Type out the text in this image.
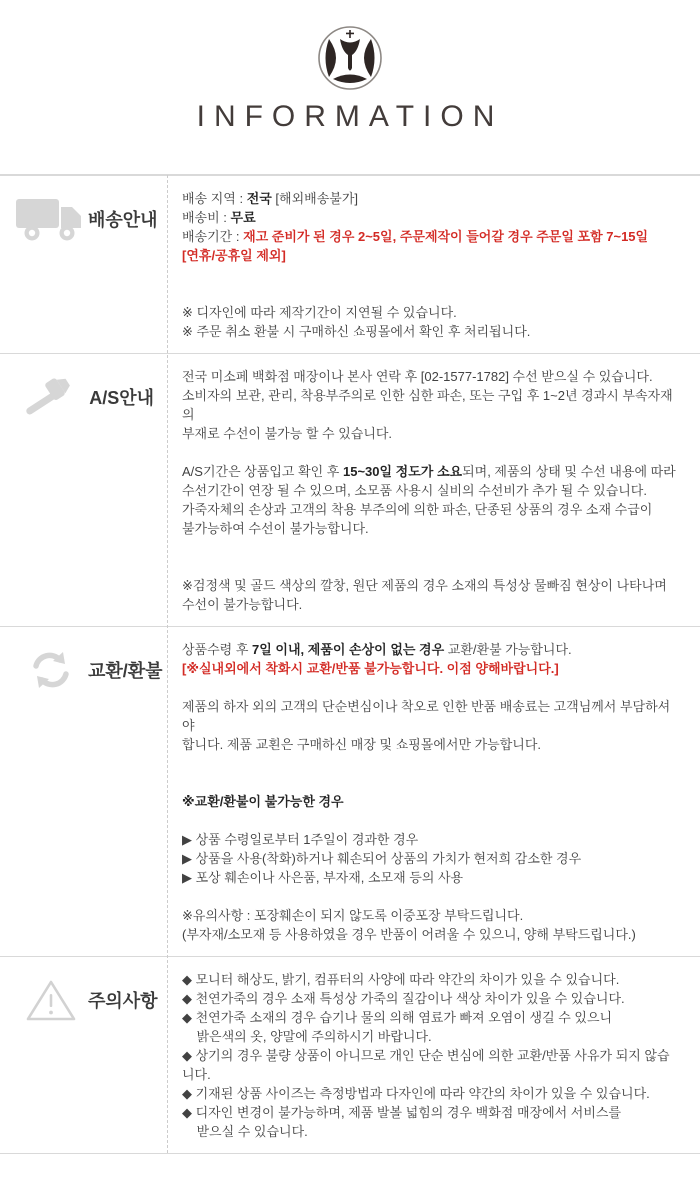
INFORMATION
배송안내
배송 지역 : 전국 [해외배송불가]
배송비 : 무료
배송기간 : 재고 준비가 된 경우 2~5일, 주문제작이 들어갈 경우 주문일 포함 7~15일
[연휴/공휴일 제외]
※ 디자인에 따라 제작기간이 지연될 수 있습니다.
※ 주문 취소 환불 시 구매하신 쇼핑몰에서 확인 후 처리됩니다.
A/S안내
전국 미소페 백화점 매장이나 본사 연락 후 [02-1577-1782] 수선 받으실 수 있습니다.
소비자의 보관, 관리, 착용부주의로 인한 심한 파손, 또는 구입 후 1~2년 경과시 부속자재의
부재로 수선이 불가능 할 수 있습니다.
A/S기간은 상품입고 확인 후 15~30일 정도가 소요되며, 제품의 상태 및 수선 내용에 따라
수선기간이 연장 될 수 있으며, 소모품 사용시 실비의 수선비가 추가 될 수 있습니다.
가죽자체의 손상과 고객의 착용 부주의에 의한 파손, 단종된 상품의 경우 소재 수급이
불가능하여 수선이 불가능합니다.
※검정색 및 골드 색상의 깔창, 원단 제품의 경우 소재의 특성상 물빠짐 현상이 나타나며
수선이 불가능합니다.
교환/환불
상품수령 후 7일 이내, 제품이 손상이 없는 경우 교환/환불 가능합니다.
[※실내외에서 착화시 교환/반품 불가능합니다. 이점 양해바랍니다.]
제품의 하자 외의 고객의 단순변심이나 착오로 인한 반품 배송료는 고객님께서 부담하셔야
합니다. 제품 교횐은 구매하신 매장 및 쇼핑몰에서만 가능합니다.
※교환/환불이 불가능한 경우
▶ 상품 수령일로부터 1주일이 경과한 경우
▶ 상품을 사용(착화)하거나 훼손되어 상품의 가치가 현저희 감소한 경우
▶ 포상 훼손이나 사은품, 부자재, 소모재 등의 사용
※유의사항 : 포장훼손이 되지 않도록 이중포장 부탁드립니다.
(부자재/소모재 등 사용하였을 경우 반품이 어려울 수 있으니, 양해 부탁드립니다.)
주의사항
◆ 모니터 해상도, 밝기, 컴퓨터의 사양에 따라 약간의 차이가 있을 수 있습니다.
◆ 천연가죽의 경우 소재 특성상 가죽의 질감이나 색상 차이가 있을 수 있습니다.
◆ 천연가죽 소재의 경우 습기나 물의 의해 염료가 빠져 오염이 생길 수 있으니
밝은색의 옷, 양말에 주의하시기 바랍니다.
◆ 상기의 경우 불량 상품이 아니므로 개인 단순 변심에 의한 교환/반품 사유가 되지 않습니다.
◆ 기재된 상품 사이즈는 측정방법과 다자인에 따라 약간의 차이가 있을 수 있습니다.
◆ 디자인 변경이 불가능하며, 제품 발볼 넓힘의 경우 백화점 매장에서 서비스를
받으실 수 있습니다.
